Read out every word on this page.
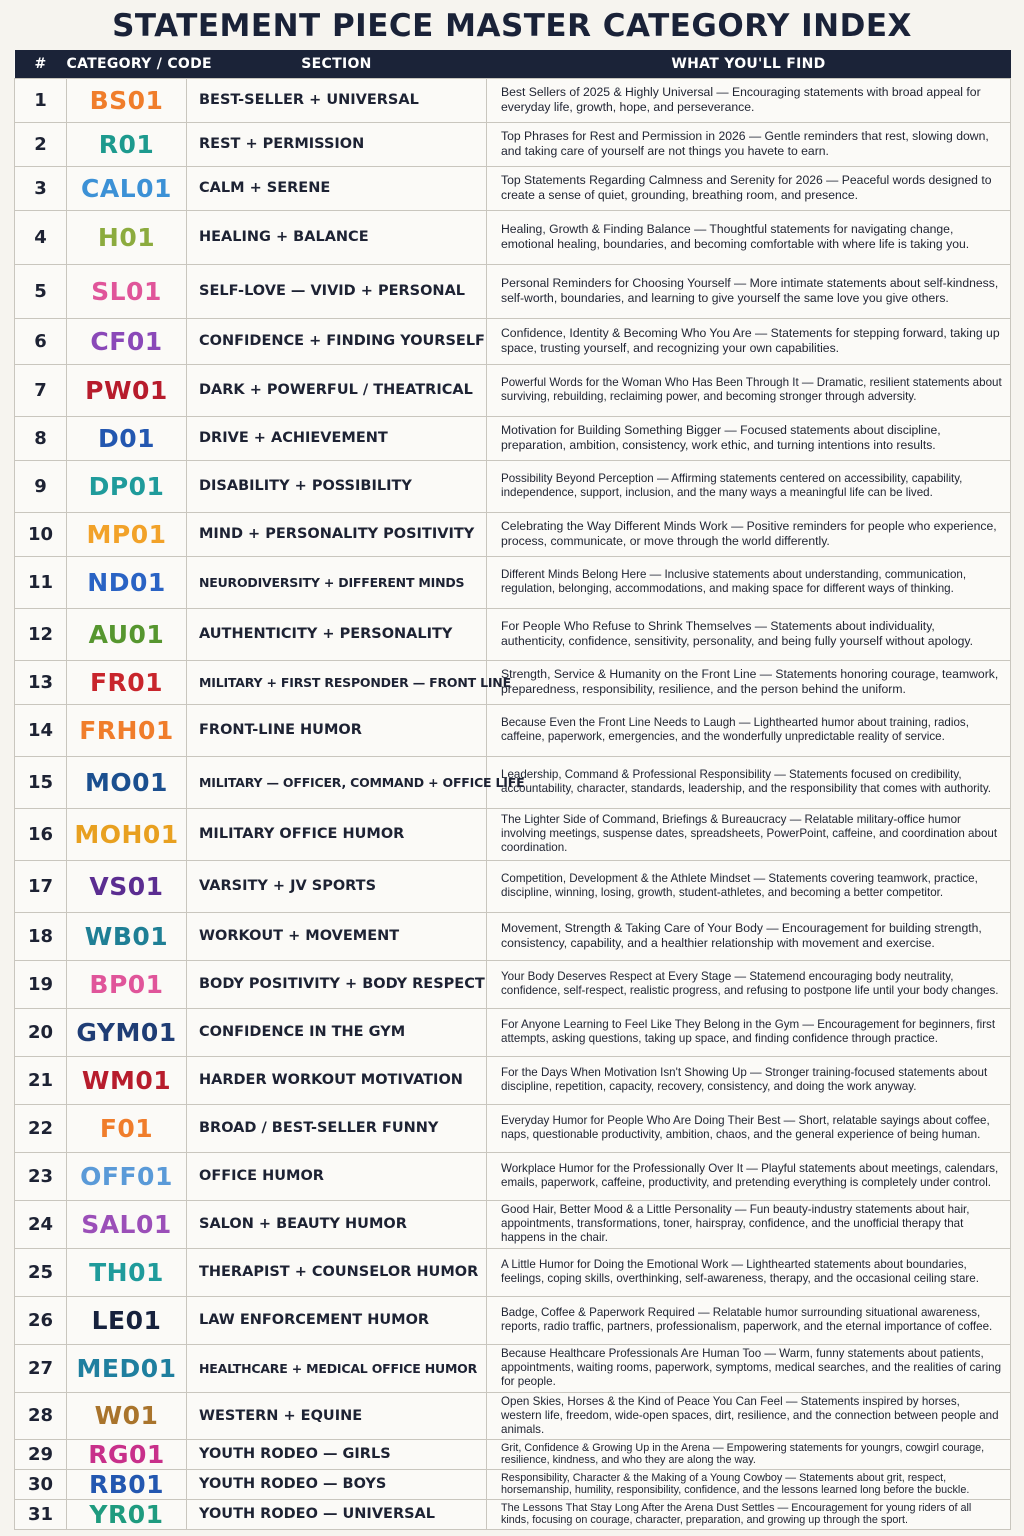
STATEMENT PIECE MASTER CATEGORY INDEX
#	CATEGORY / CODE	SECTION	WHAT YOU'LL FIND
1	BS01	BEST-SELLER + UNIVERSAL	Best Sellers of 2025 & Highly Universal — Encouraging statements with broad appeal for everyday life, growth, hope, and perseverance.
2	R01	REST + PERMISSION	Top Phrases for Rest and Permission in 2026 — Gentle reminders that rest, slowing down, and taking care of yourself are not things you havete to earn.
3	CAL01	CALM + SERENE	Top Statements Regarding Calmness and Serenity for 2026 — Peaceful words designed to create a sense of quiet, grounding, breathing room, and presence.
4	H01	HEALING + BALANCE	Healing, Growth & Finding Balance — Thoughtful statements for navigating change, emotional healing, boundaries, and becoming comfortable with where life is taking you.
5	SL01	SELF-LOVE — VIVID + PERSONAL	Personal Reminders for Choosing Yourself — More intimate statements about self-kindness, self-worth, boundaries, and learning to give yourself the same love you give others.
6	CF01	CONFIDENCE + FINDING YOURSELF	Confidence, Identity & Becoming Who You Are — Statements for stepping forward, taking up space, trusting yourself, and recognizing your own capabilities.
7	PW01	DARK + POWERFUL / THEATRICAL	Powerful Words for the Woman Who Has Been Through It — Dramatic, resilient statements about surviving, rebuilding, reclaiming power, and becoming stronger through adversity.
8	D01	DRIVE + ACHIEVEMENT	Motivation for Building Something Bigger — Focused statements about discipline, preparation, ambition, consistency, work ethic, and turning intentions into results.
9	DP01	DISABILITY + POSSIBILITY	Possibility Beyond Perception — Affirming statements centered on accessibility, capability, independence, support, inclusion, and the many ways a meaningful life can be lived.
10	MP01	MIND + PERSONALITY POSITIVITY	Celebrating the Way Different Minds Work — Positive reminders for people who experience, process, communicate, or move through the world differently.
11	ND01	NEURODIVERSITY + DIFFERENT MINDS	Different Minds Belong Here — Inclusive statements about understanding, communication, regulation, belonging, accommodations, and making space for different ways of thinking.
12	AU01	AUTHENTICITY + PERSONALITY	For People Who Refuse to Shrink Themselves — Statements about individuality, authenticity, confidence, sensitivity, personality, and being fully yourself without apology.
13	FR01	MILITARY + FIRST RESPONDER — FRONT LINE	Strength, Service & Humanity on the Front Line — Statements honoring courage, teamwork, preparedness, responsibility, resilience, and the person behind the uniform.
14	FRH01	FRONT-LINE HUMOR	Because Even the Front Line Needs to Laugh — Lighthearted humor about training, radios, caffeine, paperwork, emergencies, and the wonderfully unpredictable reality of service.
15	MO01	MILITARY — OFFICER, COMMAND + OFFICE LIFE	Leadership, Command & Professional Responsibility — Statements focused on credibility, accountability, character, standards, leadership, and the responsibility that comes with authority.
16	MOH01	MILITARY OFFICE HUMOR	The Lighter Side of Command, Briefings & Bureaucracy — Relatable military-office humor involving meetings, suspense dates, spreadsheets, PowerPoint, caffeine, and coordination about coordination.
17	VS01	VARSITY + JV SPORTS	Competition, Development & the Athlete Mindset — Statements covering teamwork, practice, discipline, winning, losing, growth, student-athletes, and becoming a better competitor.
18	WB01	WORKOUT + MOVEMENT	Movement, Strength & Taking Care of Your Body — Encouragement for building strength, consistency, capability, and a healthier relationship with movement and exercise.
19	BP01	BODY POSITIVITY + BODY RESPECT	Your Body Deserves Respect at Every Stage — Statemend encouraging body neutrality, confidence, self-respect, realistic progress, and refusing to postpone life until your body changes.
20	GYM01	CONFIDENCE IN THE GYM	For Anyone Learning to Feel Like They Belong in the Gym — Encouragement for beginners, first attempts, asking questions, taking up space, and finding confidence through practice.
21	WM01	HARDER WORKOUT MOTIVATION	For the Days When Motivation Isn't Showing Up — Stronger training-focused statements about discipline, repetition, capacity, recovery, consistency, and doing the work anyway.
22	F01	BROAD / BEST-SELLER FUNNY	Everyday Humor for People Who Are Doing Their Best — Short, relatable sayings about coffee, naps, questionable productivity, ambition, chaos, and the general experience of being human.
23	OFF01	OFFICE HUMOR	Workplace Humor for the Professionally Over It — Playful statements about meetings, calendars, emails, paperwork, caffeine, productivity, and pretending everything is completely under control.
24	SAL01	SALON + BEAUTY HUMOR	Good Hair, Better Mood & a Little Personality — Fun beauty-industry statements about hair, appointments, transformations, toner, hairspray, confidence, and the unofficial therapy that happens in the chair.
25	TH01	THERAPIST + COUNSELOR HUMOR	A Little Humor for Doing the Emotional Work — Lighthearted statements about boundaries, feelings, coping skills, overthinking, self-awareness, therapy, and the occasional ceiling stare.
26	LE01	LAW ENFORCEMENT HUMOR	Badge, Coffee & Paperwork Required — Relatable humor surrounding situational awareness, reports, radio traffic, partners, professionalism, paperwork, and the eternal importance of coffee.
27	MED01	HEALTHCARE + MEDICAL OFFICE HUMOR	Because Healthcare Professionals Are Human Too — Warm, funny statements about patients, appointments, waiting rooms, paperwork, symptoms, medical searches, and the realities of caring for people.
28	W01	WESTERN + EQUINE	Open Skies, Horses & the Kind of Peace You Can Feel — Statements inspired by horses, western life, freedom, wide-open spaces, dirt, resilience, and the connection between people and animals.
29	RG01	YOUTH RODEO — GIRLS	Grit, Confidence & Growing Up in the Arena — Empowering statements for youngrs, cowgirl courage, resilience, kindness, and who they are along the way.
30	RB01	YOUTH RODEO — BOYS	Responsibility, Character & the Making of a Young Cowboy — Statements about grit, respect, horsemanship, humility, responsibility, confidence, and the lessons learned long before the buckle.
31	YR01	YOUTH RODEO — UNIVERSAL	The Lessons That Stay Long After the Arena Dust Settles — Encouragement for young riders of all kinds, focusing on courage, character, preparation, and growing up through the sport.
